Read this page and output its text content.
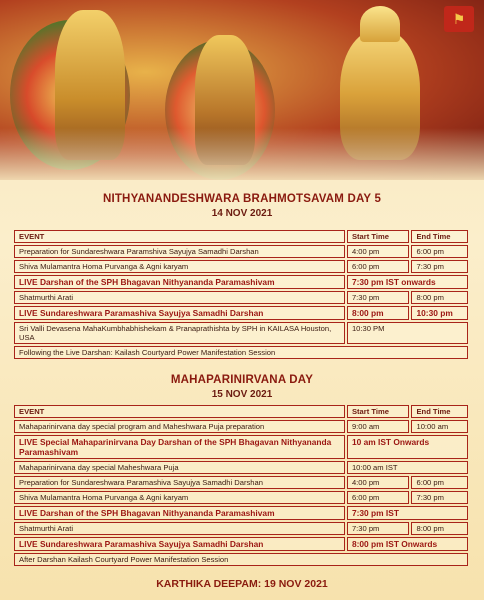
⚑
NITHYANANDESHWARA BRAHMOTSAVAM DAY 5
14 NOV 2021
EVENT	Start Time	End Time
Preparation for Sundareshwara Paramshiva Sayujya Samadhi Darshan	4:00 pm	6:00 pm
Shiva Mulamantra Homa Purvanga & Agni karyam	6:00 pm	7:30 pm
LIVE Darshan of the SPH Bhagavan Nithyananda Paramashivam	7:30 pm IST onwards	
Shatmurthi Arati	7:30 pm	8:00 pm
LIVE Sundareshwara Paramashiva Sayujya Samadhi Darshan	8:00 pm	10:30 pm
Sri Valli Devasena MahaKumbhabhishekam & Pranaprathishta by SPH in KAILASA Houston, USA	10:30 PM	
Following the Live Darshan: Kailash Courtyard Power Manifestation Session		
MAHAPARINIRVANA DAY
15 NOV 2021
EVENT	Start Time	End Time
Mahaparinirvana day special program and Maheshwara Puja preparation	9:00 am	10:00 am
LIVE Special Mahaparinirvana Day Darshan of the SPH Bhagavan Nithyananda Paramashivam	10 am IST Onwards	
Mahaparinirvana day special Maheshwara Puja	10:00 am IST	
Preparation for Sundareshwara Paramashiva Sayujya Samadhi Darshan	4:00 pm	6:00 pm
Shiva Mulamantra Homa Purvanga & Agni karyam	6:00 pm	7:30 pm
LIVE Darshan of the SPH Bhagavan Nithyananda Paramashivam	7:30 pm IST	
Shatmurthi Arati	7:30 pm	8:00 pm
LIVE Sundareshwara Paramashiva Sayujya Samadhi Darshan	8:00 pm IST Onwards	
After Darshan Kailash Courtyard Power Manifestation Session		
KARTHIKA DEEPAM: 19 NOV 2021
